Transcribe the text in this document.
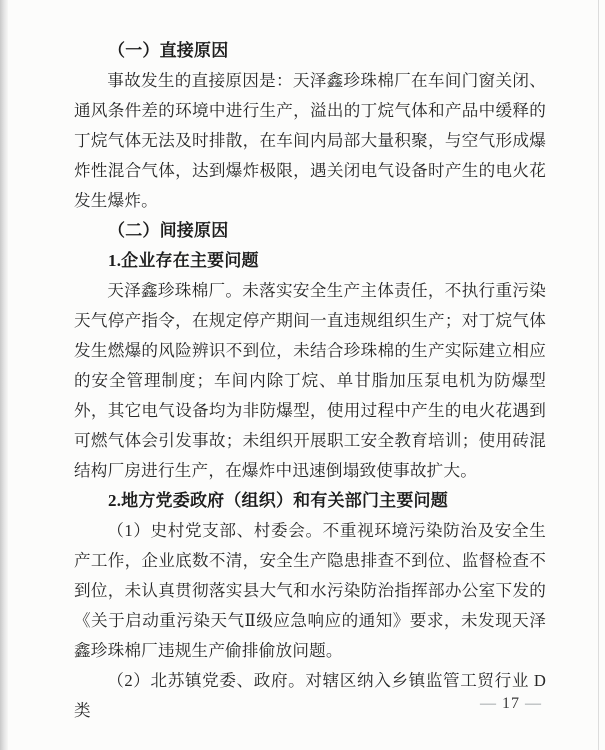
（一）直接原因

事故发生的直接原因是：天泽鑫珍珠棉厂在车间门窗关闭、通风条件差的环境中进行生产，溢出的丁烷气体和产品中缓释的丁烷气体无法及时排散，在车间内局部大量积聚，与空气形成爆炸性混合气体，达到爆炸极限，遇关闭电气设备时产生的电火花发生爆炸。

（二）间接原因
1.企业存在主要问题

天泽鑫珍珠棉厂。未落实安全生产主体责任，不执行重污染天气停产指令，在规定停产期间一直违规组织生产；对丁烷气体发生燃爆的风险辨识不到位，未结合珍珠棉的生产实际建立相应的安全管理制度；车间内除丁烷、单甘脂加压泵电机为防爆型外，其它电气设备均为非防爆型，使用过程中产生的电火花遇到可燃气体会引发事故；未组织开展职工安全教育培训；使用砖混结构厂房进行生产，在爆炸中迅速倒塌致使事故扩大。

2.地方党委政府（组织）和有关部门主要问题

（1）史村党支部、村委会。不重视环境污染防治及安全生产工作，企业底数不清，安全生产隐患排查不到位、监督检查不到位，未认真贯彻落实县大气和水污染防治指挥部办公室下发的《关于启动重污染天气Ⅱ级应急响应的通知》要求，未发现天泽鑫珍珠棉厂违规生产偷排偷放问题。

（2）北苏镇党委、政府。对辖区纳入乡镇监管工贸行业 D 类	— 17 —
